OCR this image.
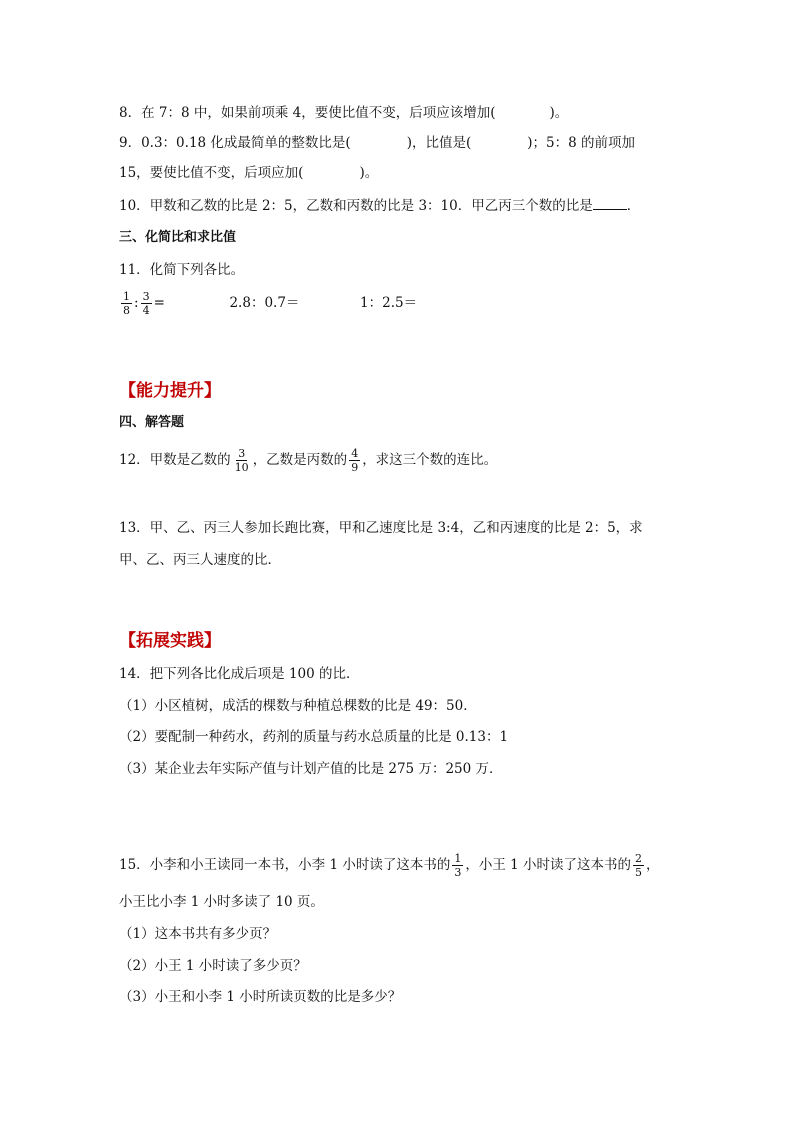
8．在 7：8 中，如果前项乘 4，要使比值不变，后项应该增加(	)。
9．0.3：0.18 化成最简单的整数比是(	)，比值是(	)；5：8 的前项加
15，要使比值不变，后项应加(	)。
10．甲数和乙数的比是 2：5，乙数和丙数的比是 3：10．甲乙丙三个数的比是	．
三、化简比和求比值
11．化简下列各比。
$\frac{1}{8}$ : $\frac{3}{4}$ =	2.8：0.7＝	1：2.5＝
【能力提升】
四、解答题
12．甲数是乙数的 $\frac{3}{10}$ ，乙数是丙数的 $\frac{4}{9}$ ，求这三个数的连比。
13．甲、乙、丙三人参加长跑比赛，甲和乙速度比是 3:4，乙和丙速度的比是 2：5，求
甲、乙、丙三人速度的比．
【拓展实践】
14．把下列各比化成后项是 100 的比．
（1）小区植树，成活的棵数与种植总棵数的比是 49：50．
（2）要配制一种药水，药剂的质量与药水总质量的比是 0.13：1
（3）某企业去年实际产值与计划产值的比是 275 万：250 万．
15．小李和小王读同一本书，小李 1 小时读了这本书的 $\frac{1}{3}$ ，小王 1 小时读了这本书的 $\frac{2}{5}$ ，
小王比小李 1 小时多读了 10 页。
（1）这本书共有多少页？
（2）小王 1 小时读了多少页？
（3）小王和小李 1 小时所读页数的比是多少？
